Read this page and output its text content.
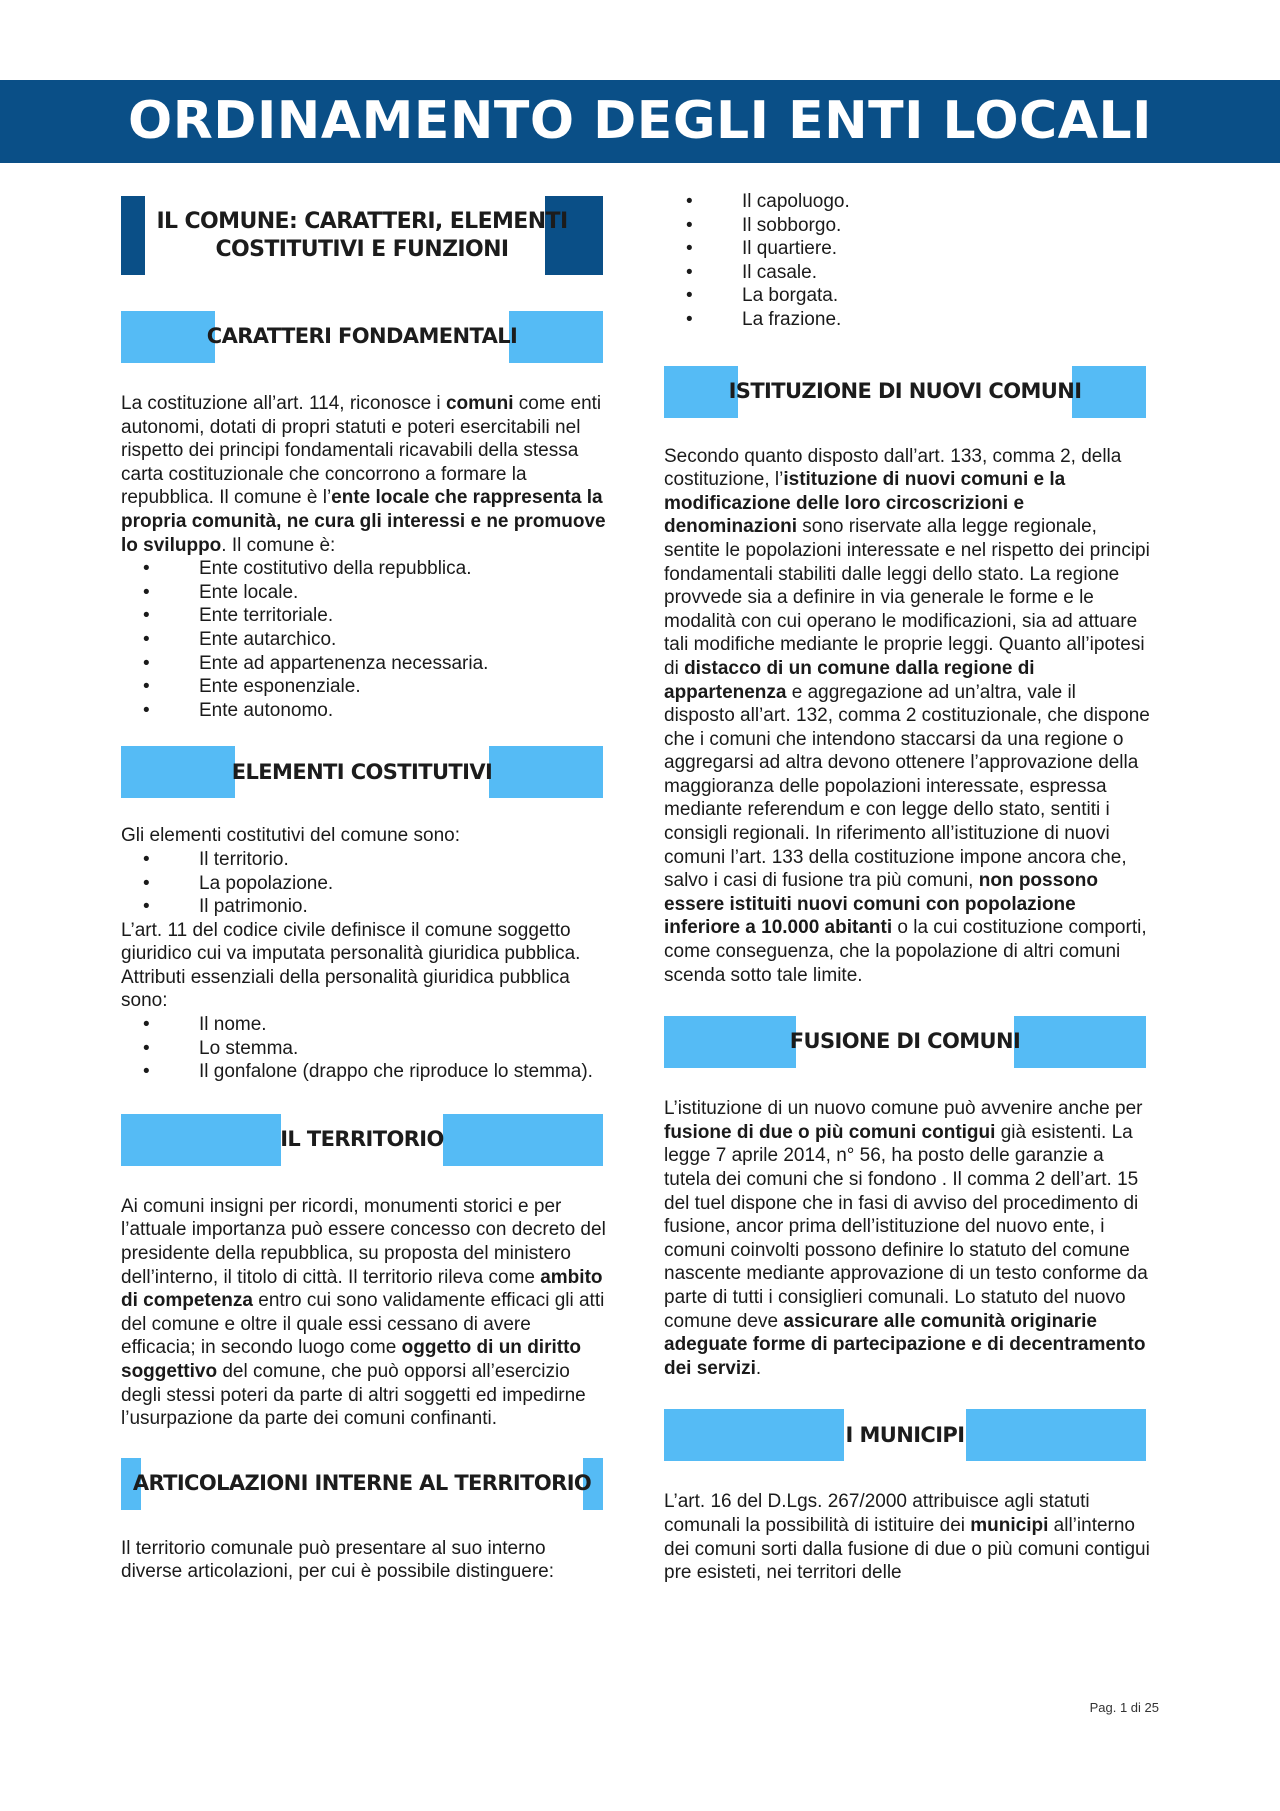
ORDINAMENTO DEGLI ENTI LOCALI
IL COMUNE: CARATTERI, ELEMENTI
COSTITUTIVI E FUNZIONI
CARATTERI FONDAMENTALI

La costituzione all’art. 114, riconosce i comuni come enti autonomi, dotati di propri statuti e poteri esercitabili nel rispetto dei principi fondamentali ricavabili della stessa carta costituzionale che concorrono a formare la repubblica. Il comune è l’ente locale che rappresenta la propria comunità, ne cura gli interessi e ne promuove lo sviluppo. Il comune è:

• Ente costitutivo della repubblica.
• Ente locale.
• Ente territoriale.
• Ente autarchico.
• Ente ad appartenenza necessaria.
• Ente esponenziale.
• Ente autonomo.
ELEMENTI COSTITUTIVI

Gli elementi costitutivi del comune sono:

• Il territorio.
• La popolazione.
• Il patrimonio.

L’art. 11 del codice civile definisce il comune soggetto giuridico cui va imputata personalità giuridica pubblica. Attributi essenziali della personalità giuridica pubblica sono:

• Il nome.
• Lo stemma.
• Il gonfalone (drappo che riproduce lo stemma).
IL TERRITORIO

Ai comuni insigni per ricordi, monumenti storici e per l’attuale importanza può essere concesso con decreto del presidente della repubblica, su proposta del ministero dell’interno, il titolo di città. Il territorio rileva come ambito di competenza entro cui sono validamente efficaci gli atti del comune e oltre il quale essi cessano di avere efficacia; in secondo luogo come oggetto di un diritto soggettivo del comune, che può opporsi all’esercizio degli stessi poteri da parte di altri soggetti ed impedirne l’usurpazione da parte dei comuni confinanti.

ARTICOLAZIONI INTERNE AL TERRITORIO

Il territorio comunale può presentare al suo interno diverse articolazioni, per cui è possibile distinguere:

• Il capoluogo.
• Il sobborgo.
• Il quartiere.
• Il casale.
• La borgata.
• La frazione.
ISTITUZIONE DI NUOVI COMUNI

Secondo quanto disposto dall’art. 133, comma 2, della costituzione, l’istituzione di nuovi comuni e la modificazione delle loro circoscrizioni e denominazioni sono riservate alla legge regionale, sentite le popolazioni interessate e nel rispetto dei principi fondamentali stabiliti dalle leggi dello stato. La regione provvede sia a definire in via generale le forme e le modalità con cui operano le modificazioni, sia ad attuare tali modifiche mediante le proprie leggi. Quanto all’ipotesi di distacco di un comune dalla regione di appartenenza e aggregazione ad un’altra, vale il disposto all’art. 132, comma 2 costituzionale, che dispone che i comuni che intendono staccarsi da una regione o aggregarsi ad altra devono ottenere l’approvazione della maggioranza delle popolazioni interessate, espressa mediante referendum e con legge dello stato, sentiti i consigli regionali. In riferimento all’istituzione di nuovi comuni l’art. 133 della costituzione impone ancora che, salvo i casi di fusione tra più comuni, non possono essere istituiti nuovi comuni con popolazione inferiore a 10.000 abitanti o la cui costituzione comporti, come conseguenza, che la popolazione di altri comuni scenda sotto tale limite.

FUSIONE DI COMUNI

L’istituzione di un nuovo comune può avvenire anche per fusione di due o più comuni contigui già esistenti. La legge 7 aprile 2014, n° 56, ha posto delle garanzie a tutela dei comuni che si fondono . Il comma 2 dell’art. 15 del tuel dispone che in fasi di avviso del procedimento di fusione, ancor prima dell’istituzione del nuovo ente, i comuni coinvolti possono definire lo statuto del comune nascente mediante approvazione di un testo conforme da parte di tutti i consiglieri comunali. Lo statuto del nuovo comune deve assicurare alle comunità originarie adeguate forme di partecipazione e di decentramento dei servizi.

I MUNICIPI

L’art. 16 del D.Lgs. 267/2000 attribuisce agli statuti comunali la possibilità di istituire dei municipi all’interno dei comuni sorti dalla fusione di due o più comuni contigui pre esisteti, nei territori delle

Pag. 1 di 25
